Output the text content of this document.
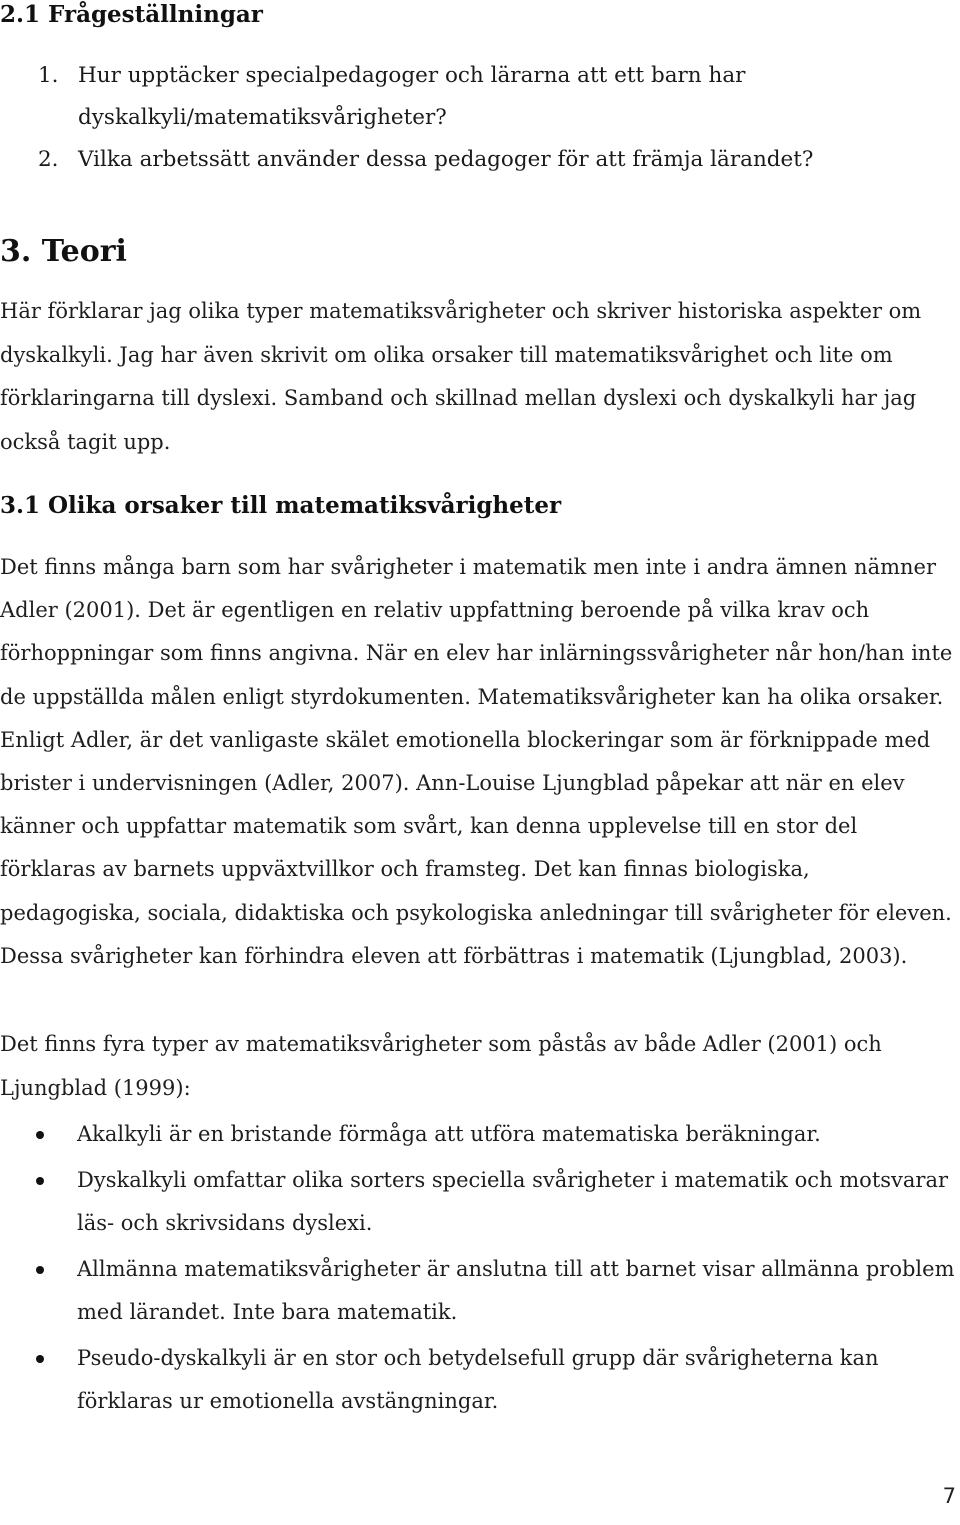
2.1 Frågeställningar
1. Hur upptäcker specialpedagoger och lärarna att ett barn har dyskalkyli/matematiksvårigheter?
2. Vilka arbetssätt använder dessa pedagoger för att främja lärandet?
3. Teori

Här förklarar jag olika typer matematiksvårigheter och skriver historiska aspekter om dyskalkyli. Jag har även skrivit om olika orsaker till matematiksvårighet och lite om förklaringarna till dyslexi. Samband och skillnad mellan dyslexi och dyskalkyli har jag också tagit upp.

3.1 Olika orsaker till matematiksvårigheter

Det finns många barn som har svårigheter i matematik men inte i andra ämnen nämner Adler (2001). Det är egentligen en relativ uppfattning beroende på vilka krav och förhoppningar som finns angivna. När en elev har inlärningssvårigheter når hon/han inte de uppställda målen enligt styrdokumenten. Matematiksvårigheter kan ha olika orsaker. Enligt Adler, är det vanligaste skälet emotionella blockeringar som är förknippade med brister i undervisningen (Adler, 2007). Ann-Louise Ljungblad påpekar att när en elev känner och uppfattar matematik som svårt, kan denna upplevelse till en stor del förklaras av barnets uppväxtvillkor och framsteg. Det kan finnas biologiska, pedagogiska, sociala, didaktiska och psykologiska anledningar till svårigheter för eleven. Dessa svårigheter kan förhindra eleven att förbättras i matematik (Ljungblad, 2003).

Det finns fyra typer av matematiksvårigheter som påstås av både Adler (2001) och Ljungblad (1999):

Akalkyli är en bristande förmåga att utföra matematiska beräkningar.
Dyskalkyli omfattar olika sorters speciella svårigheter i matematik och motsvarar läs- och skrivsidans dyslexi.
Allmänna matematiksvårigheter är anslutna till att barnet visar allmänna problem med lärandet. Inte bara matematik.
Pseudo-dyskalkyli är en stor och betydelsefull grupp där svårigheterna kan förklaras ur emotionella avstängningar.
7
